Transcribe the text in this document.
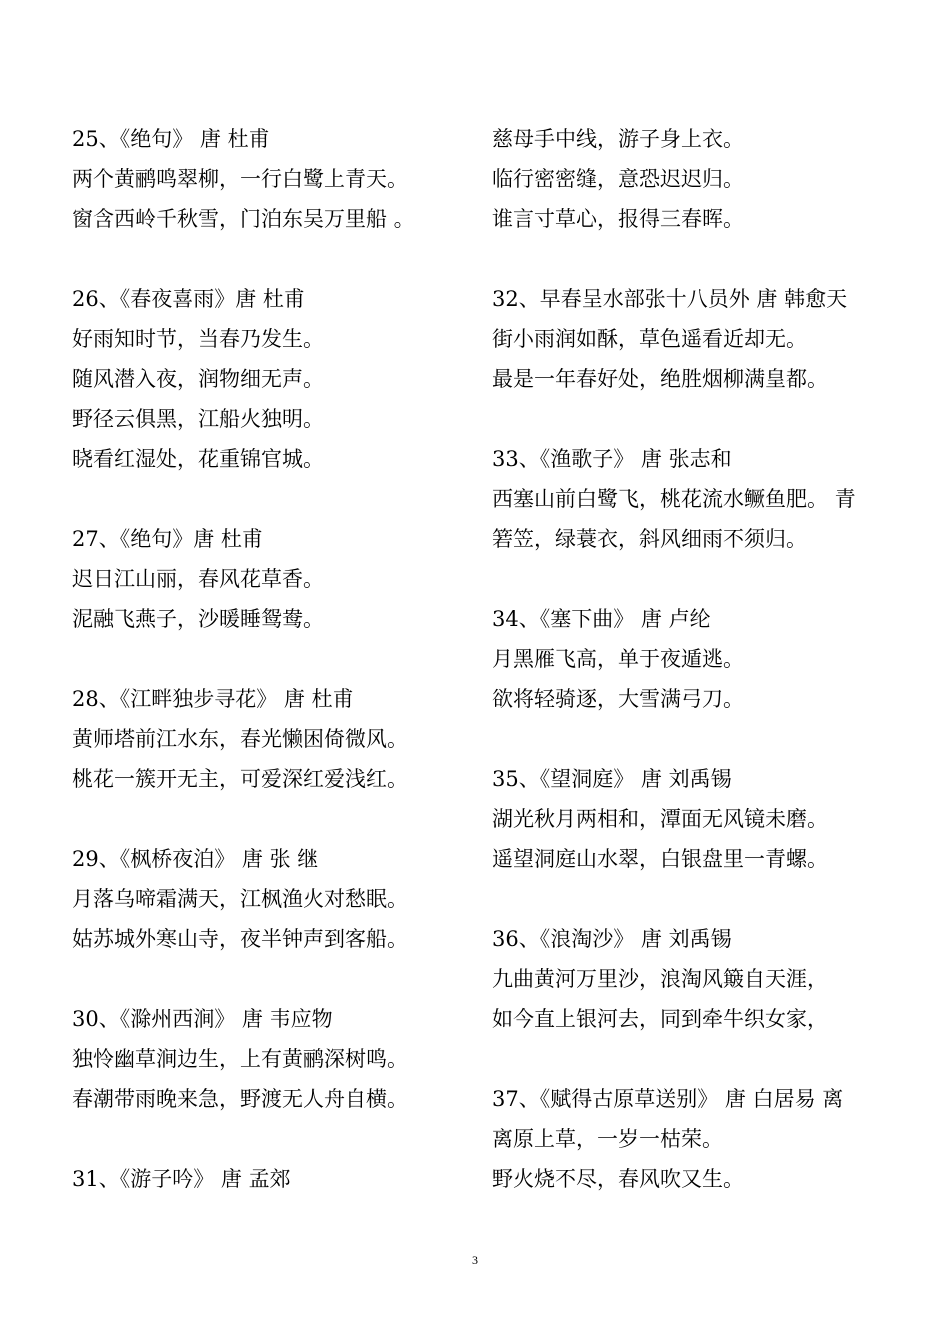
25、《绝句》 唐 杜甫
两个黄鹂鸣翠柳，一行白鹭上青天。
窗含西岭千秋雪，门泊东吴万里船 。
26、《春夜喜雨》唐 杜甫
好雨知时节，当春乃发生。
随风潜入夜，润物细无声。
野径云俱黑，江船火独明。
晓看红湿处，花重锦官城。
27、《绝句》唐 杜甫
迟日江山丽，春风花草香。
泥融飞燕子，沙暖睡鸳鸯。
28、《江畔独步寻花》 唐 杜甫
黄师塔前江水东，春光懒困倚微风。
桃花一簇开无主，可爱深红爱浅红。
29、《枫桥夜泊》 唐 张 继
月落乌啼霜满天，江枫渔火对愁眠。
姑苏城外寒山寺，夜半钟声到客船。
30、《滁州西涧》 唐 韦应物
独怜幽草涧边生，上有黄鹂深树鸣。
春潮带雨晚来急，野渡无人舟自横。
31、《游子吟》 唐 孟郊
慈母手中线，游子身上衣。
临行密密缝，意恐迟迟归。
谁言寸草心，报得三春晖。
32、早春呈水部张十八员外 唐 韩愈天
街小雨润如酥，草色遥看近却无。
最是一年春好处，绝胜烟柳满皇都。
33、《渔歌子》 唐 张志和
西塞山前白鹭飞，桃花流水鳜鱼肥。 青
箬笠，绿蓑衣，斜风细雨不须归。
34、《塞下曲》 唐 卢纶
月黑雁飞高，单于夜遁逃。
欲将轻骑逐，大雪满弓刀。
35、《望洞庭》 唐 刘禹锡
湖光秋月两相和，潭面无风镜未磨。
遥望洞庭山水翠，白银盘里一青螺。
36、《浪淘沙》 唐 刘禹锡
九曲黄河万里沙，浪淘风簸自天涯，
如今直上银河去，同到牵牛织女家，
37、《赋得古原草送别》 唐 白居易 离
离原上草，一岁一枯荣。
野火烧不尽，春风吹又生。
3
